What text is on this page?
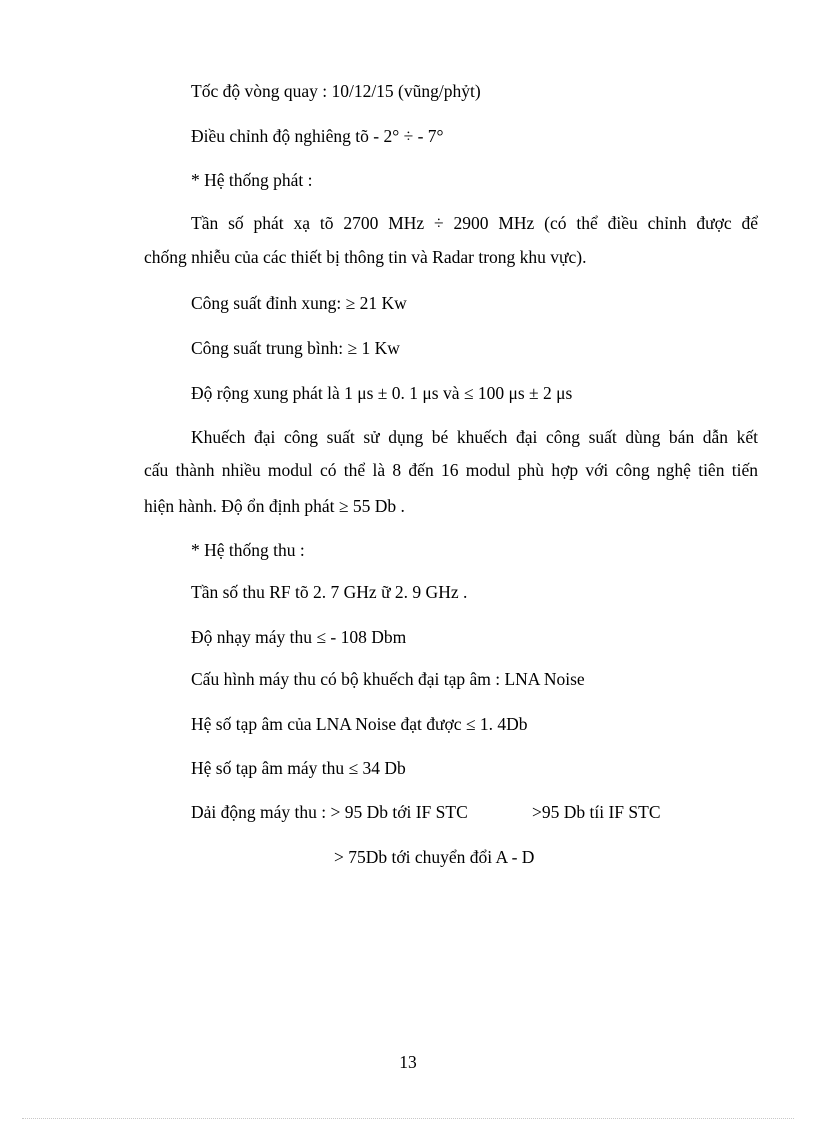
Tốc độ vòng quay : 10/12/15 (vũng/phỷt)
Điều chỉnh độ nghiêng tõ - 2° ÷ - 7°
* Hệ thống phát :
Tần số phát xạ tõ 2700 MHz ÷ 2900 MHz (có thể điều chỉnh được để
chống nhiễu của các thiết bị thông tin và Radar trong khu vực).
Công suất đỉnh xung: ≥ 21 Kw
Công suất trung bình: ≥ 1 Kw
Độ rộng xung phát là 1 μs ± 0. 1 μs và ≤ 100 μs ± 2 μs
Khuếch đại công suất sử dụng bé khuếch đại công suất dùng bán dẫn kết
cấu thành nhiều modul có thể là 8 đến 16 modul phù hợp với công nghệ tiên tiến
hiện hành. Độ ổn định phát ≥ 55 Db .
* Hệ thống thu :
Tần số thu RF tõ 2. 7 GHz ữ 2. 9 GHz .
Độ nhạy máy thu ≤ - 108 Dbm
Cấu hình máy thu có bộ khuếch đại tạp âm : LNA Noise
Hệ số tạp âm của LNA Noise đạt được ≤ 1. 4Db
Hệ số tạp âm máy thu ≤ 34 Db
Dải động máy thu : > 95 Db tới IF STC	>95 Db tíi IF STC
> 75Db tới chuyển đổi A - D
13
